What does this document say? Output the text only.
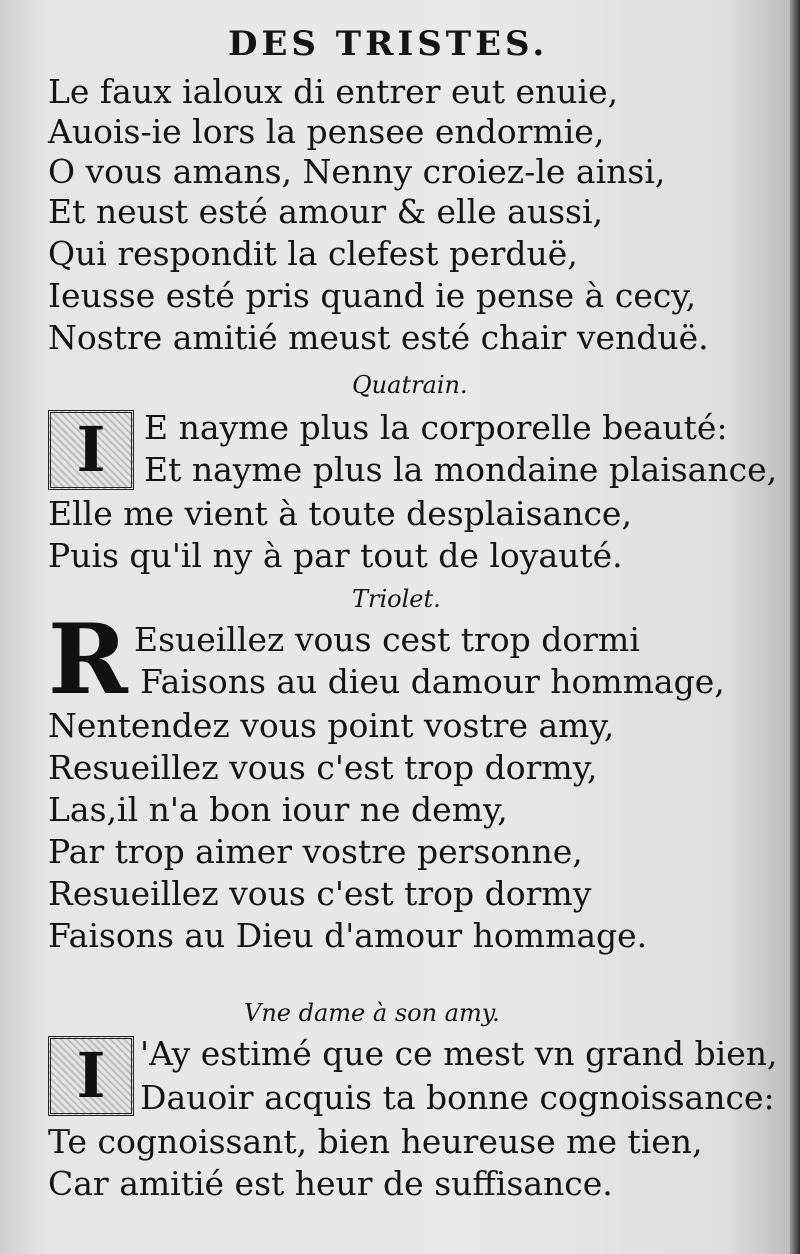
DES TRISTES.
Le faux ialoux di entrer eut enuie,
Auois-ie lors la pensee endormie,
O vous amans, Nenny croiez-le ainsi,
Et neust esté amour & elle aussi,
Qui respondit la clefest perduë,
Ieusse esté pris quand ie pense à cecy,
Nostre amitié meust esté chair venduë.
Quatrain.
I	E nayme plus la corporelle beauté:
Et nayme plus la mondaine plaisance,
Elle me vient à toute desplaisance,
Puis qu'il ny à par tout de loyauté.
Triolet.
R Esueillez vous cest trop dormi
Faisons au dieu damour hommage,
Nentendez vous point vostre amy,
Resueillez vous c'est trop dormy,
Las,il n'a bon iour ne demy,
Par trop aimer vostre personne,
Resueillez vous c'est trop dormy
Faisons au Dieu d'amour hommage.
Vne dame à son amy.
I	'Ay estimé que ce mest vn grand bien,
Dauoir acquis ta bonne cognoissance:
Te cognoissant, bien heureuse me tien,
Car amitié est heur de suffisance.
